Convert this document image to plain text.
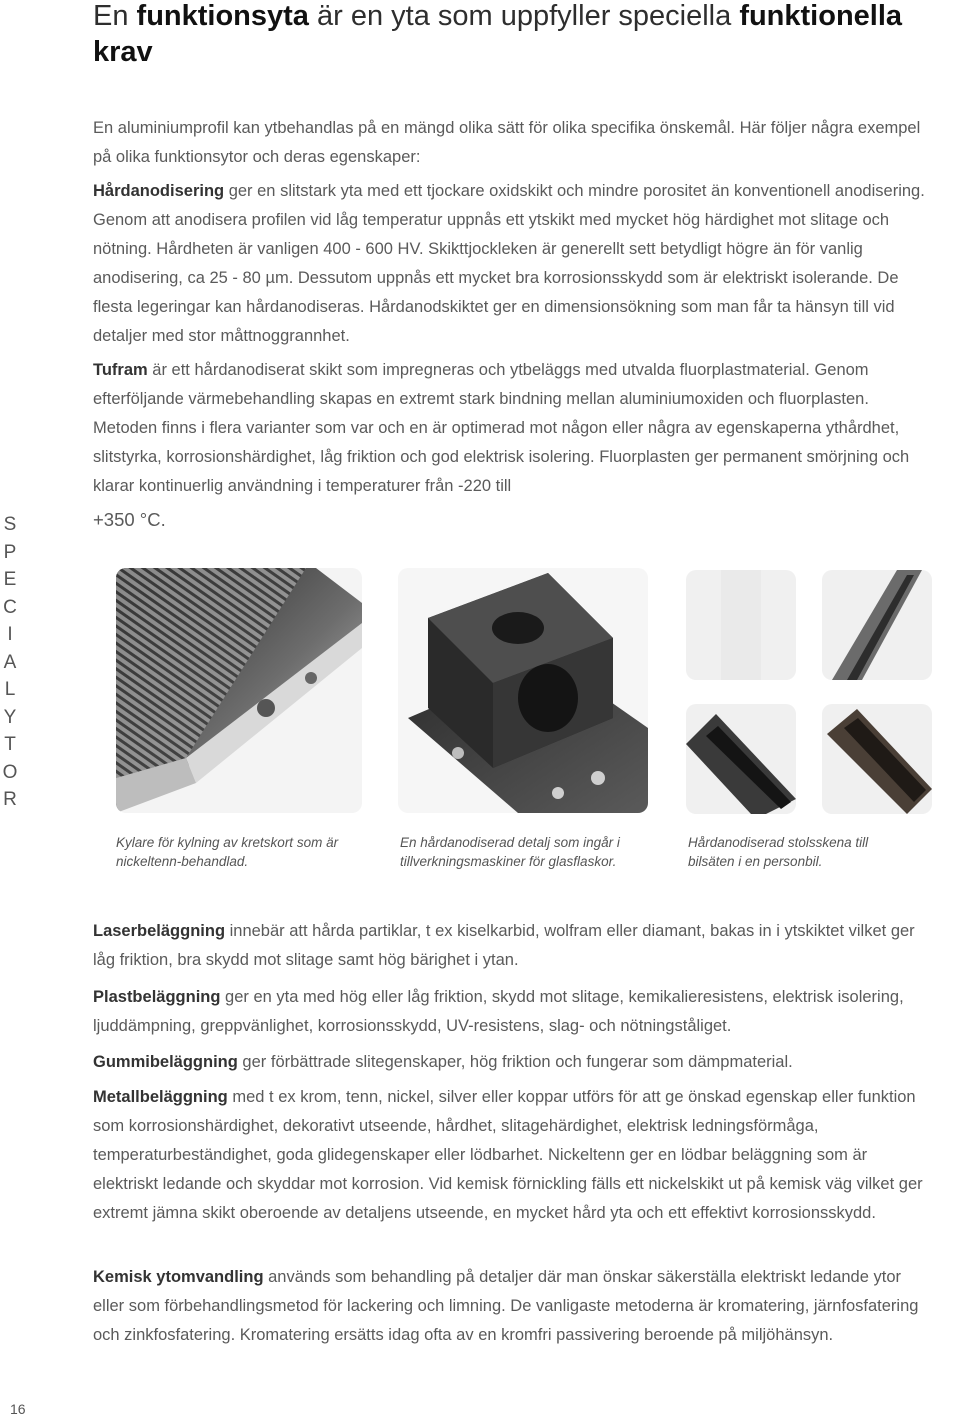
En funktionsyta är en yta som uppfyller speciella funktionella krav

En aluminiumprofil kan ytbehandlas på en mängd olika sätt för olika specifika önskemål. Här följer några exempel på olika funktionsytor och deras egenskaper:

Hårdanodisering ger en slitstark yta med ett tjockare oxidskikt och mindre porositet än konventionell anodisering. Genom att anodisera profilen vid låg temperatur uppnås ett ytskikt med mycket hög härdighet mot slitage och nötning. Hårdheten är vanligen 400 - 600 HV. Skikttjockleken är generellt sett betydligt högre än för vanlig anodisering, ca 25 - 80 µm. Dessutom uppnås ett mycket bra korrosionsskydd som är elektriskt isolerande. De flesta legeringar kan hårdanodiseras. Hårdanodskiktet ger en dimensionsökning som man får ta hänsyn till vid detaljer med stor måttnoggrannhet.

Tufram är ett hårdanodiserat skikt som impregneras och ytbeläggs med utvalda fluorplastmaterial. Genom efterföljande värmebehandling skapas en extremt stark bindning mellan aluminiumoxiden och fluorplasten. Metoden finns i flera varianter som var och en är optimerad mot någon eller några av egenskaperna ythårdhet, slitstyrka, korrosionshärdighet, låg friktion och god elektrisk isolering. Fluorplasten ger permanent smörjning och klarar kontinuerlig användning i temperaturer från -220 till
+350 °C.

S
P
E
C
I
A
L
Y
T
O
R

Kylare för kylning av kretskort som är nickeltenn-behandlad.

En hårdanodiserad detalj som ingår i tillverkningsmaskiner för glasflaskor.

Hårdanodiserad stolsskena till bilsäten i en personbil.

Laserbeläggning innebär att hårda partiklar, t ex kiselkarbid, wolfram eller diamant, bakas in i ytskiktet vilket ger låg friktion, bra skydd mot slitage samt hög bärighet i ytan.

Plastbeläggning ger en yta med hög eller låg friktion, skydd mot slitage, kemikalieresistens, elektrisk isolering, ljuddämpning, greppvänlighet, korrosionsskydd, UV-resistens, slag- och nötningståliget.

Gummibeläggning ger förbättrade slitegenskaper, hög friktion och fungerar som dämpmaterial.

Metallbeläggning med t ex krom, tenn, nickel, silver eller koppar utförs för att ge önskad egenskap eller funktion som korrosionshärdighet, dekorativt utseende, hårdhet, slitagehärdighet, elektrisk ledningsförmåga, temperaturbeständighet, goda glidegenskaper eller lödbarhet. Nickeltenn ger en lödbar beläggning som är elektriskt ledande och skyddar mot korrosion. Vid kemisk förnickling fälls ett nickelskikt ut på kemisk väg vilket ger extremt jämna skikt oberoende av detaljens utseende, en mycket hård yta och ett effektivt korrosionsskydd.

Kemisk ytomvandling används som behandling på detaljer där man önskar säkerställa elektriskt ledande ytor eller som förbehandlingsmetod för lackering och limning. De vanligaste metoderna är kromatering, järnfosfatering och zinkfosfatering. Kromatering ersätts idag ofta av en kromfri passivering beroende på miljöhänsyn.

16
